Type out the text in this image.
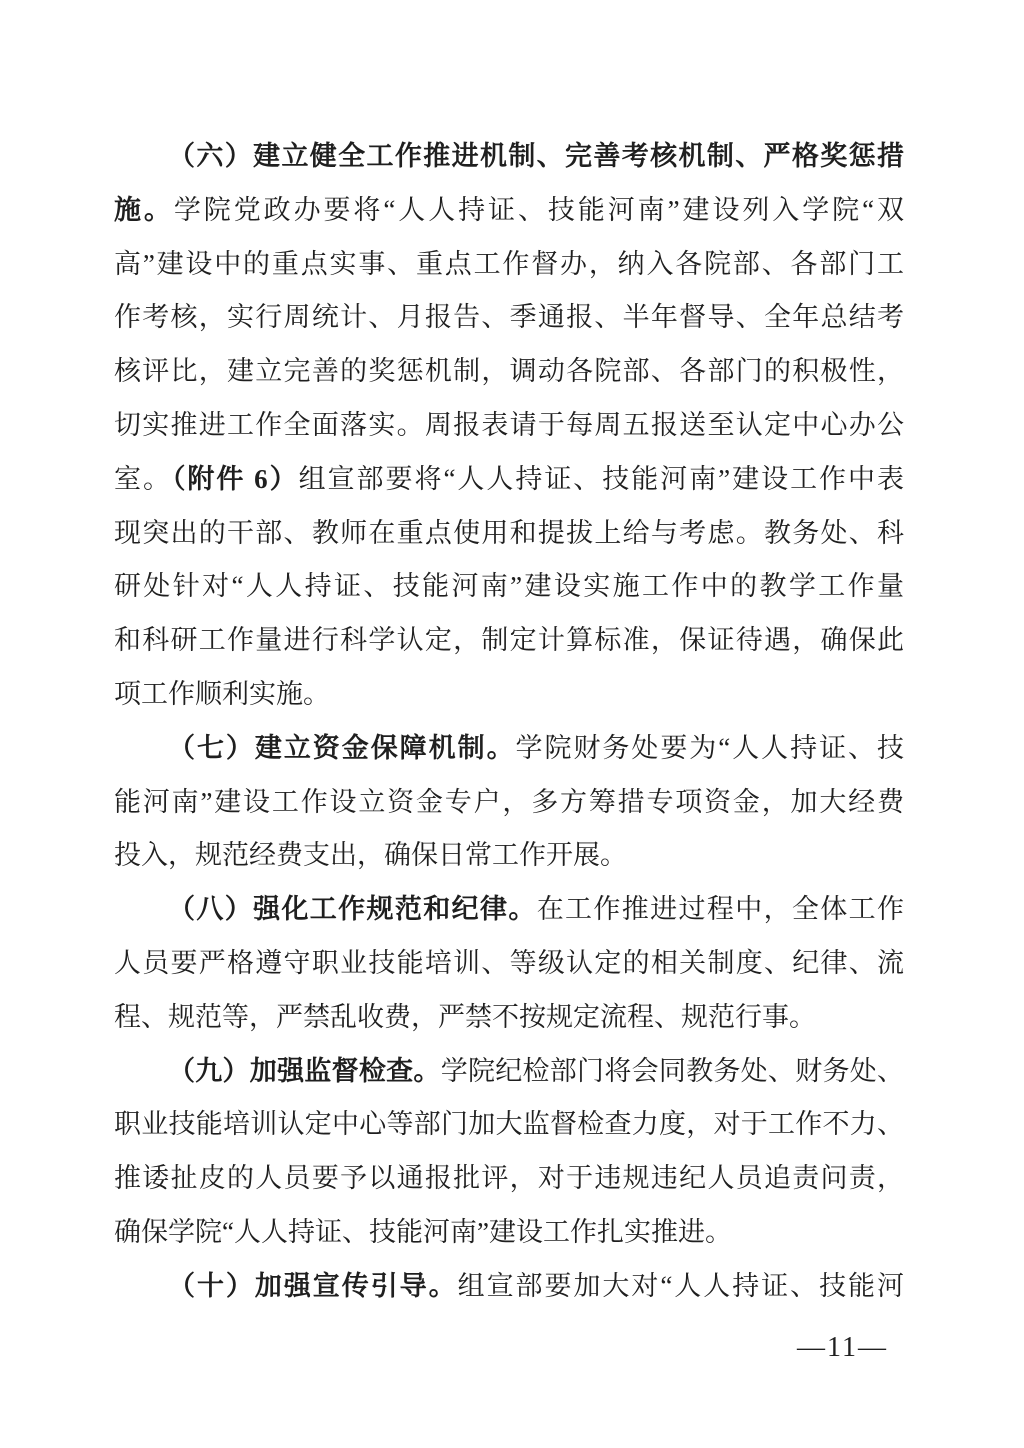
（六）建立健全工作推进机制、完善考核机制、严格奖惩措
施。学院党政办要将“人人持证、技能河南”建设列入学院“双
高”建设中的重点实事、重点工作督办，纳入各院部、各部门工
作考核，实行周统计、月报告、季通报、半年督导、全年总结考
核评比，建立完善的奖惩机制，调动各院部、各部门的积极性，
切实推进工作全面落实。周报表请于每周五报送至认定中心办公
室。（附件 6）组宣部要将“人人持证、技能河南”建设工作中表
现突出的干部、教师在重点使用和提拔上给与考虑。教务处、科
研处针对“人人持证、技能河南”建设实施工作中的教学工作量
和科研工作量进行科学认定，制定计算标准，保证待遇，确保此
项工作顺利实施。
（七）建立资金保障机制。学院财务处要为“人人持证、技
能河南”建设工作设立资金专户，多方筹措专项资金，加大经费
投入，规范经费支出，确保日常工作开展。
（八）强化工作规范和纪律。在工作推进过程中，全体工作
人员要严格遵守职业技能培训、等级认定的相关制度、纪律、流
程、规范等，严禁乱收费，严禁不按规定流程、规范行事。
（九）加强监督检查。学院纪检部门将会同教务处、财务处、
职业技能培训认定中心等部门加大监督检查力度，对于工作不力、
推诿扯皮的人员要予以通报批评，对于违规违纪人员追责问责，
确保学院“人人持证、技能河南”建设工作扎实推进。
（十）加强宣传引导。组宣部要加大对“人人持证、技能河
—11—
